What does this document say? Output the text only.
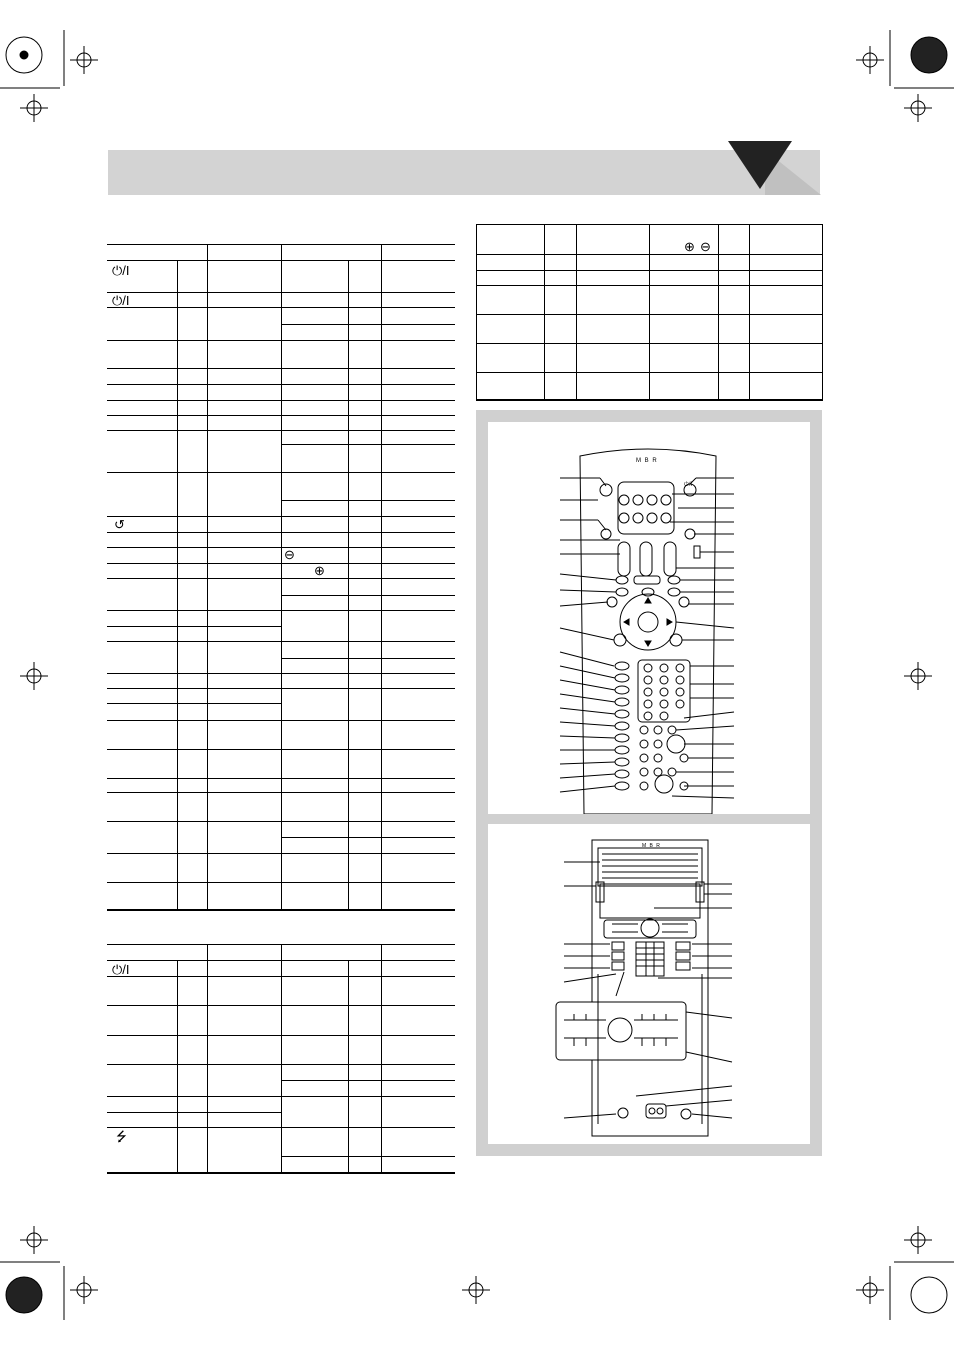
⏻/I
⏻/I
↺
⊖
⊕
⏻/I
⭍
⊕ ⊖
M B R
⏻/I
M B R
